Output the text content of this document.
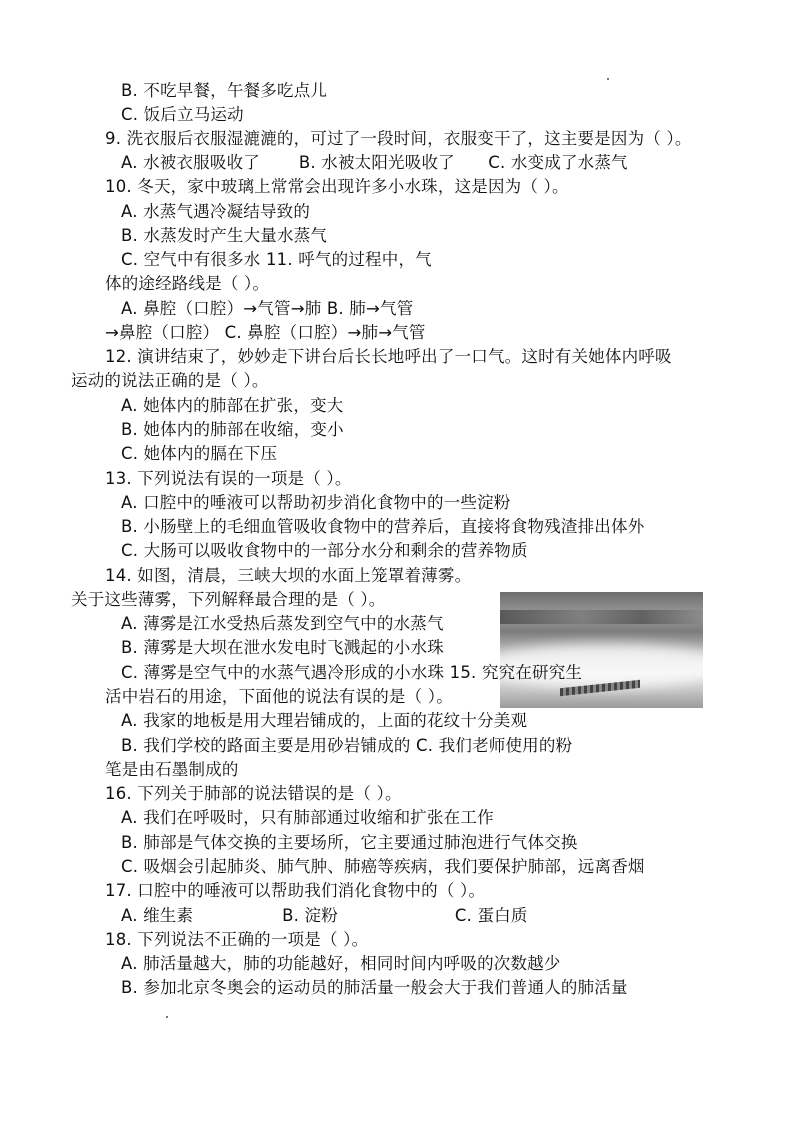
B. 不吃早餐，午餐多吃点儿
C. 饭后立马运动
9. 洗衣服后衣服湿漉漉的，可过了一段时间，衣服变干了，这主要是因为（ ）。
A. 水被衣服吸收了　　 B. 水被太阳光吸收了　　C. 水变成了水蒸气
10. 冬天，家中玻璃上常常会出现许多小水珠，这是因为（ ）。
A. 水蒸气遇冷凝结导致的
B. 水蒸发时产生大量水蒸气
C. 空气中有很多水 11. 呼气的过程中，气
体的途经路线是（ ）。
A. 鼻腔（口腔）→气管→肺 B. 肺→气管
→鼻腔（口腔） C. 鼻腔（口腔）→肺→气管
12. 演讲结束了，妙妙走下讲台后长长地呼出了一口气。这时有关她体内呼吸
运动的说法正确的是（ ）。
A. 她体内的肺部在扩张，变大
B. 她体内的肺部在收缩，变小
C. 她体内的膈在下压
13. 下列说法有误的一项是（ ）。
A. 口腔中的唾液可以帮助初步消化食物中的一些淀粉
B. 小肠壁上的毛细血管吸收食物中的营养后，直接将食物残渣排出体外
C. 大肠可以吸收食物中的一部分水分和剩余的营养物质
14. 如图，清晨，三峡大坝的水面上笼罩着薄雾。
关于这些薄雾，下列解释最合理的是（ ）。
A. 薄雾是江水受热后蒸发到空气中的水蒸气
B. 薄雾是大坝在泄水发电时飞溅起的小水珠
C. 薄雾是空气中的水蒸气遇冷形成的小水珠 15. 究究在研究生
活中岩石的用途，下面他的说法有误的是（ ）。
A. 我家的地板是用大理岩铺成的，上面的花纹十分美观
B. 我们学校的路面主要是用砂岩铺成的 C. 我们老师使用的粉
笔是由石墨制成的
16. 下列关于肺部的说法错误的是（ ）。
A. 我们在呼吸时，只有肺部通过收缩和扩张在工作
B. 肺部是气体交换的主要场所，它主要通过肺泡进行气体交换
C. 吸烟会引起肺炎、肺气肿、肺癌等疾病，我们要保护肺部，远离香烟
17. 口腔中的唾液可以帮助我们消化食物中的（ ）。
A. 维生素　　　　　 B. 淀粉　　　　　　　C. 蛋白质
18. 下列说法不正确的一项是（ ）。
A. 肺活量越大，肺的功能越好，相同时间内呼吸的次数越少
B. 参加北京冬奥会的运动员的肺活量一般会大于我们普通人的肺活量
